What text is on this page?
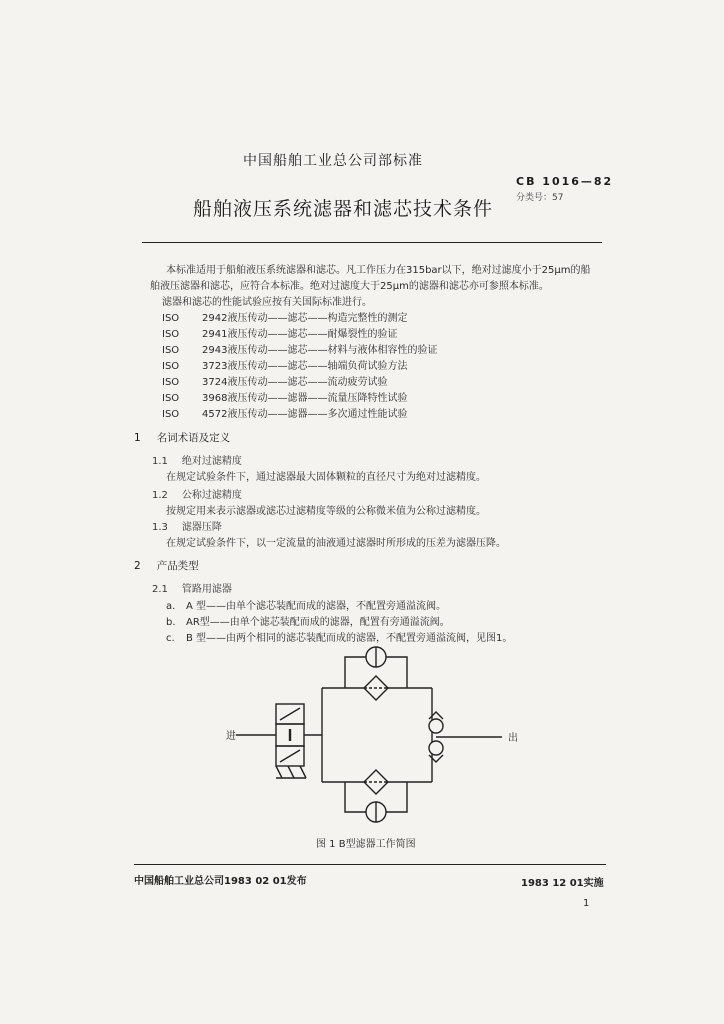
中国船舶工业总公司部标准
船舶液压系统滤器和滤芯技术条件
CB 1016—82
分类号：57
本标准适用于船舶液压系统滤器和滤芯。凡工作压力在315bar以下，绝对过滤度小于25μm的船
舶液压滤器和滤芯，应符合本标准。绝对过滤度大于25μm的滤器和滤芯亦可参照本标准。
滤器和滤芯的性能试验应按有关国际标准进行。
ISO 2942液压传动——滤芯——构造完整性的测定
ISO 2941液压传动——滤芯——耐爆裂性的验证
ISO 2943液压传动——滤芯——材料与液体相容性的验证
ISO 3723液压传动——滤芯——轴端负荷试验方法
ISO 3724液压传动——滤芯——流动疲劳试验
ISO 3968液压传动——滤器——流量压降特性试验
ISO 4572液压传动——滤器——多次通过性能试验
1 名词术语及定义
1.1 绝对过滤精度
在规定试验条件下，通过滤器最大固体颗粒的直径尺寸为绝对过滤精度。
1.2 公称过滤精度
按规定用来表示滤器或滤芯过滤精度等级的公称微米值为公称过滤精度。
1.3 滤器压降
在规定试验条件下，以一定流量的油液通过滤器时所形成的压差为滤器压降。
2 产品类型
2.1 管路用滤器
a. A 型——由单个滤芯装配而成的滤器，不配置旁通溢流阀。
b. AR型——由单个滤芯装配而成的滤器，配置有旁通溢流阀。
c. B 型——由两个相同的滤芯装配而成的滤器，不配置旁通溢流阀，见图1。
进	出
图 1 B型滤器工作简图
中国船舶工业总公司1983 02 01发布	1983 12 01实施
1
